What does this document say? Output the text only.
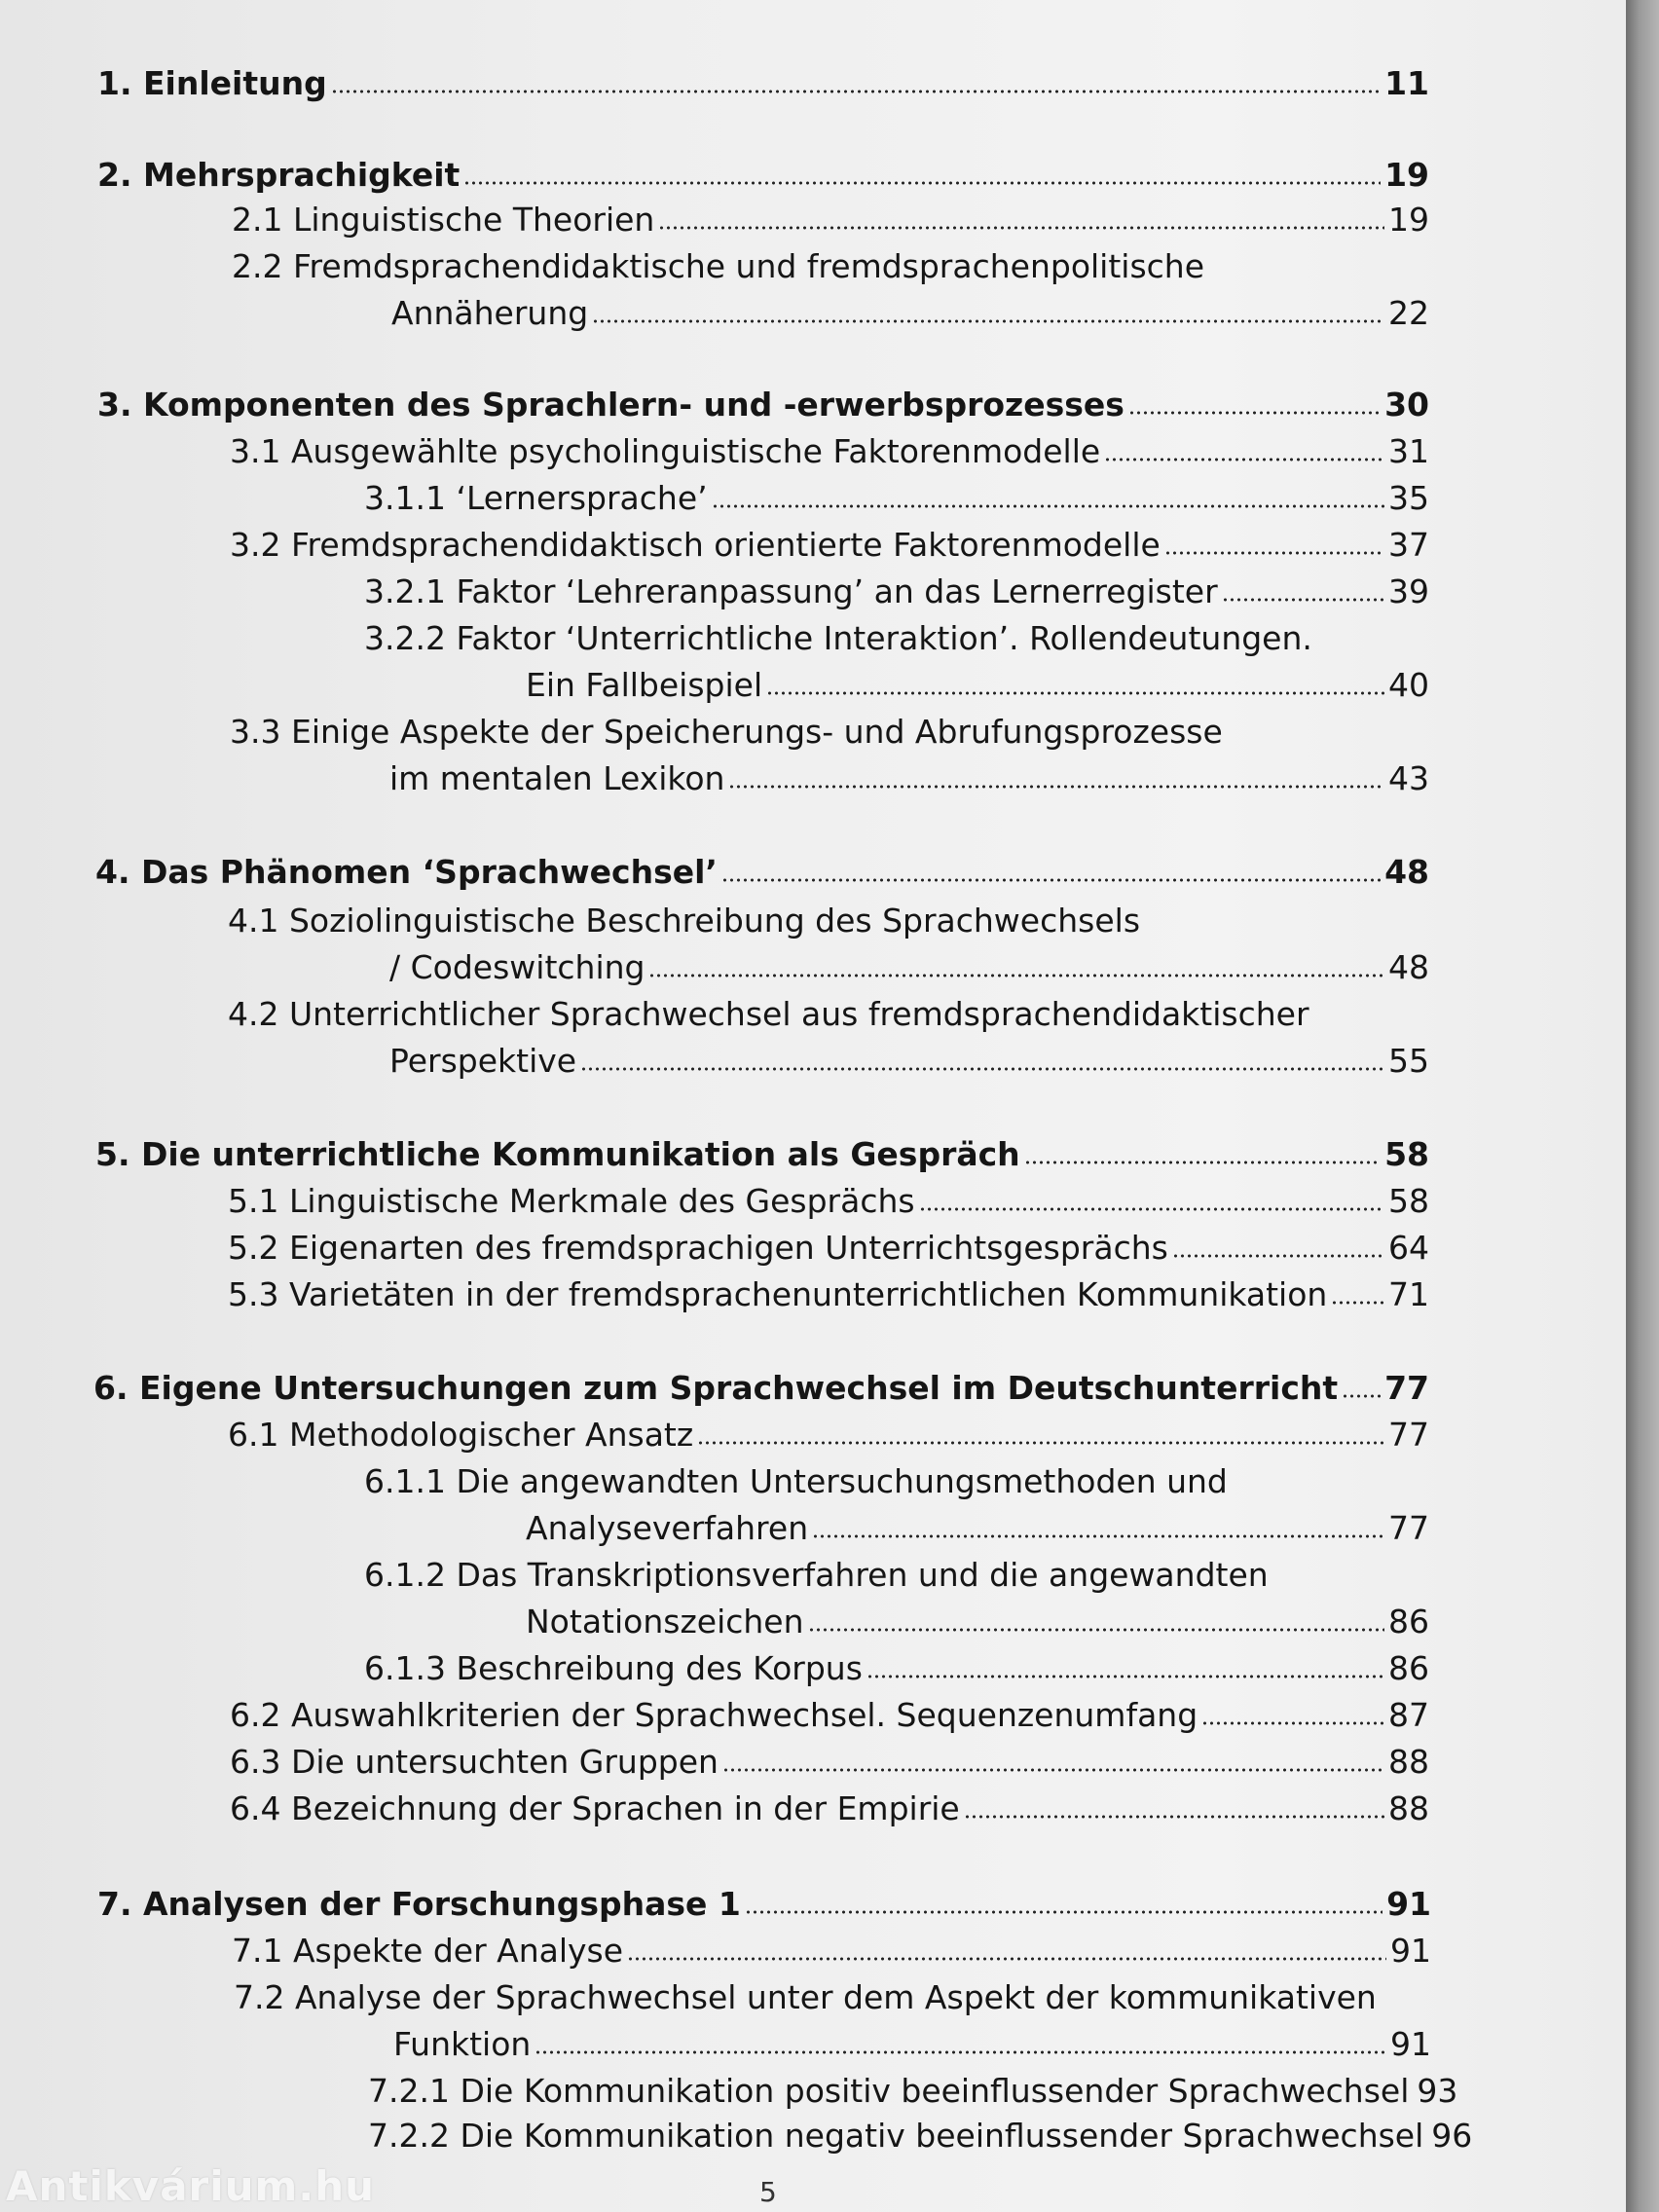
1. Einleitung	11
2. Mehrsprachigkeit	19
2.1 Linguistische Theorien	19
2.2 Fremdsprachendidaktische und fremdsprachenpolitische
Annäherung	22
3. Komponenten des Sprachlern- und -erwerbsprozesses	30
3.1 Ausgewählte psycholinguistische Faktorenmodelle	31
3.1.1 ‘Lernersprache’	35
3.2 Fremdsprachendidaktisch orientierte Faktorenmodelle	37
3.2.1 Faktor ‘Lehreranpassung’ an das Lernerregister	39
3.2.2 Faktor ‘Unterrichtliche Interaktion’. Rollendeutungen.
Ein Fallbeispiel	40
3.3 Einige Aspekte der Speicherungs- und Abrufungsprozesse
im mentalen Lexikon	43
4. Das Phänomen ‘Sprachwechsel’	48
4.1 Soziolinguistische Beschreibung des Sprachwechsels
/ Codeswitching	48
4.2 Unterrichtlicher Sprachwechsel aus fremdsprachendidaktischer
Perspektive	55
5. Die unterrichtliche Kommunikation als Gespräch	58
5.1 Linguistische Merkmale des Gesprächs	58
5.2 Eigenarten des fremdsprachigen Unterrichtsgesprächs	64
5.3 Varietäten in der fremdsprachenunterrichtlichen Kommunikation 71
6. Eigene Untersuchungen zum Sprachwechsel im Deutschunterricht 77
6.1 Methodologischer Ansatz	77
6.1.1 Die angewandten Untersuchungsmethoden und
Analyseverfahren	77
6.1.2 Das Transkriptionsverfahren und die angewandten
Notationszeichen	86
6.1.3 Beschreibung des Korpus	86
6.2 Auswahlkriterien der Sprachwechsel. Sequenzenumfang	87
6.3 Die untersuchten Gruppen	88
6.4 Bezeichnung der Sprachen in der Empirie	88
7. Analysen der Forschungsphase 1	91
7.1 Aspekte der Analyse	91
7.2 Analyse der Sprachwechsel unter dem Aspekt der kommunikativen
Funktion	91
7.2.1 Die Kommunikation positiv beeinflussender Sprachwechsel 93
7.2.2 Die Kommunikation negativ beeinflussender Sprachwechsel 96
5
Antikvárium.hu
